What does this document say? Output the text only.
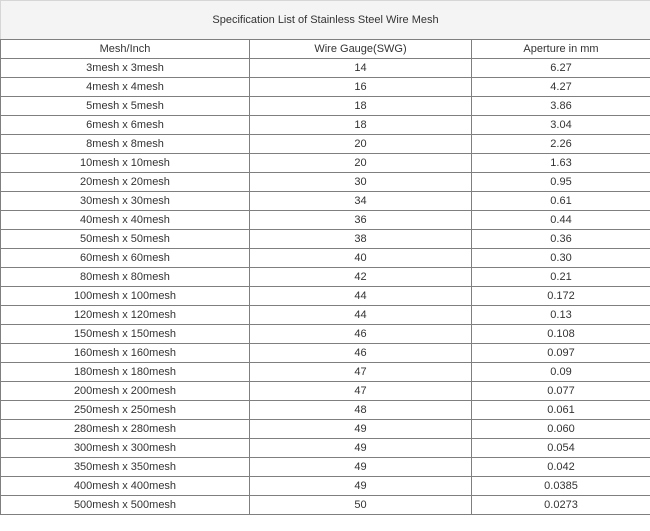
Specification List of Stainless Steel Wire Mesh		
Mesh/Inch	Wire Gauge(SWG)	Aperture in mm
3mesh x 3mesh	14	6.27
4mesh x 4mesh	16	4.27
5mesh x 5mesh	18	3.86
6mesh x 6mesh	18	3.04
8mesh x 8mesh	20	2.26
10mesh x 10mesh	20	1.63
20mesh x 20mesh	30	0.95
30mesh x 30mesh	34	0.61
40mesh x 40mesh	36	0.44
50mesh x 50mesh	38	0.36
60mesh x 60mesh	40	0.30
80mesh x 80mesh	42	0.21
100mesh x 100mesh	44	0.172
120mesh x 120mesh	44	0.13
150mesh x 150mesh	46	0.108
160mesh x 160mesh	46	0.097
180mesh x 180mesh	47	0.09
200mesh x 200mesh	47	0.077
250mesh x 250mesh	48	0.061
280mesh x 280mesh	49	0.060
300mesh x 300mesh	49	0.054
350mesh x 350mesh	49	0.042
400mesh x 400mesh	49	0.0385
500mesh x 500mesh	50	0.0273
